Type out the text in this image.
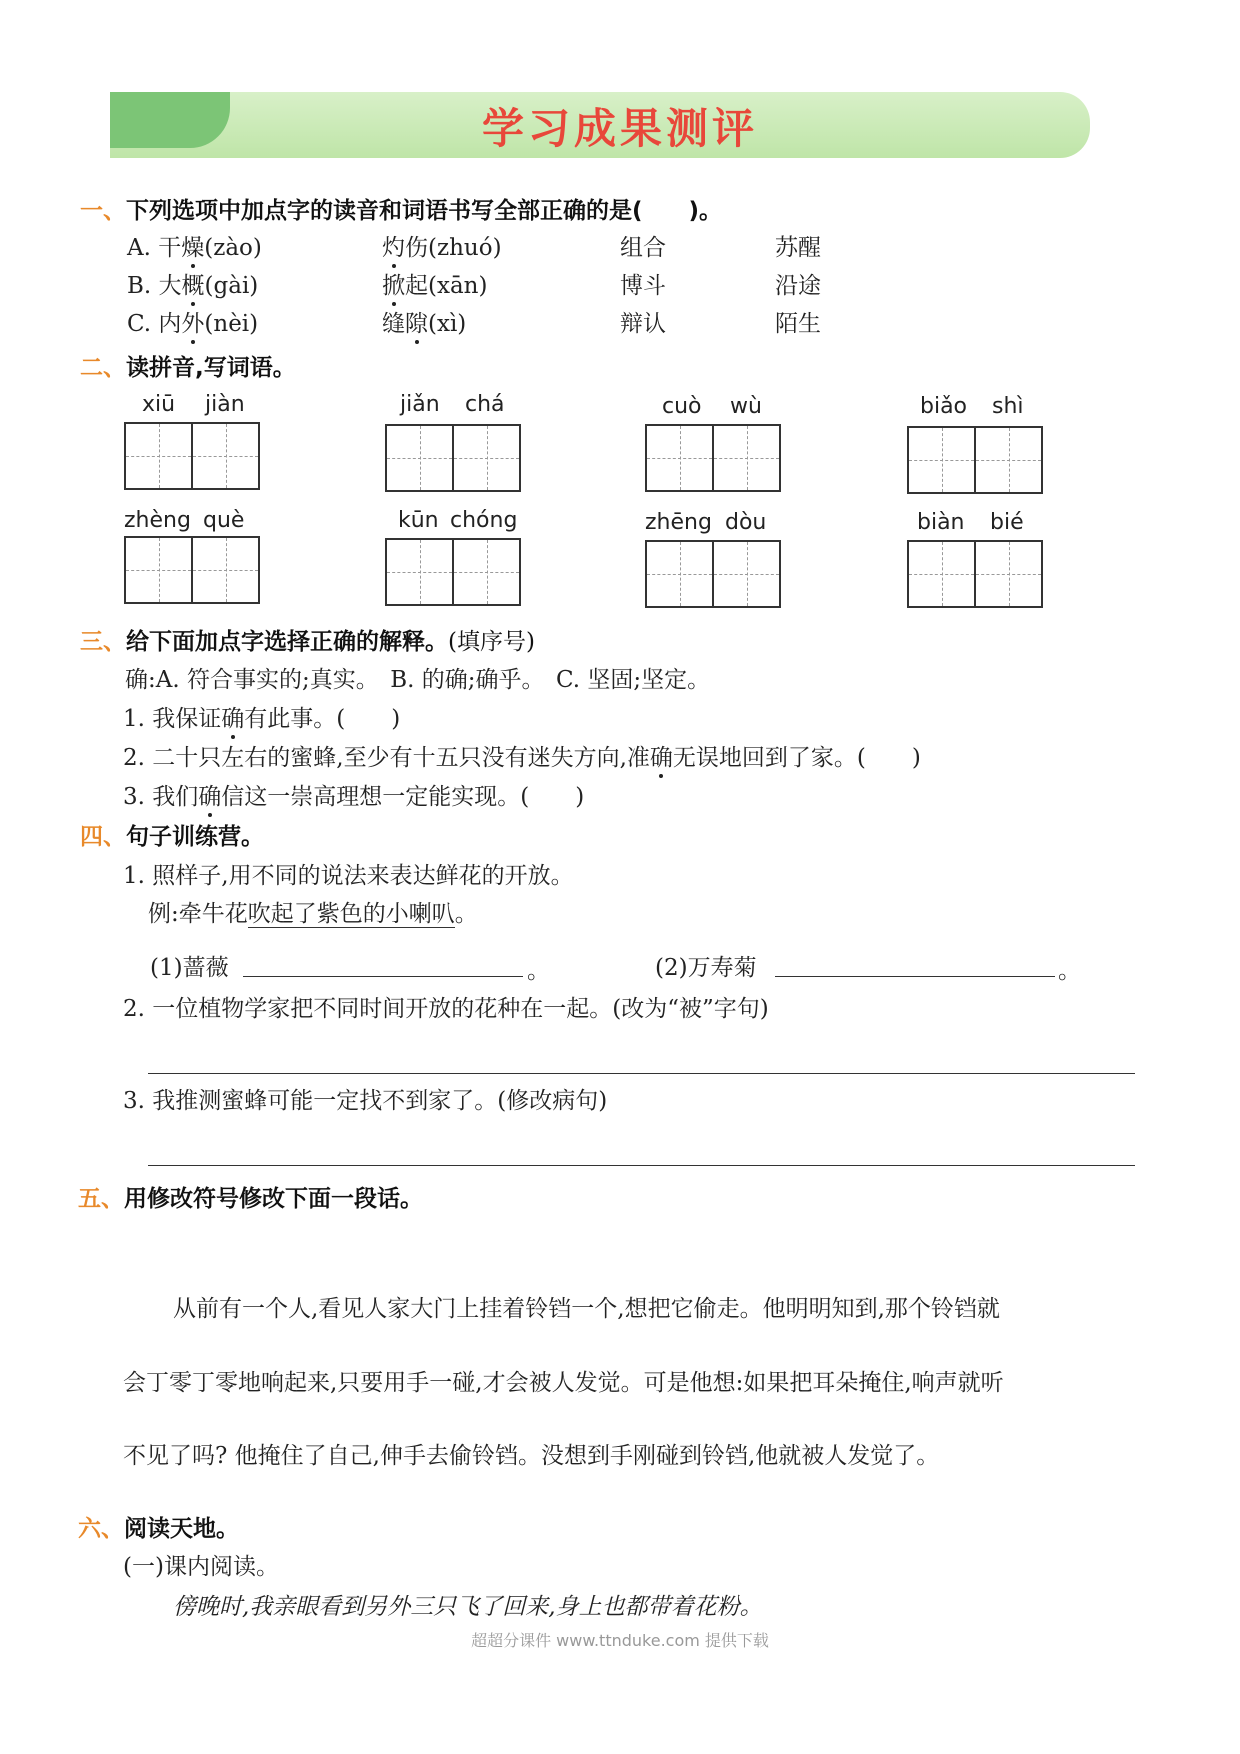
学习成果测评
一、下列选项中加点字的读音和词语书写全部正确的是(　　)。
A. 干燥(zào)	灼伤(zhuó)	组合	苏醒
B. 大概(gài)	掀起(xān)	博斗	沿途
C. 内外(nèi)	缝隙(xì)	辩认	陌生
二、读拼音,写词语。
xiū jiàn	jiǎn chá	cuò wù	biǎo shì
zhèng què	kūn chóng	zhēng dòu	biàn bié
三、给下面加点字选择正确的解释。(填序号)
确:A. 符合事实的;真实。　B. 的确;确乎。　C. 坚固;坚定。
1. 我保证确有此事。(　　)
2. 二十只左右的蜜蜂,至少有十五只没有迷失方向,准确无误地回到了家。(　　)
3. 我们确信这一崇高理想一定能实现。(　　)
四、句子训练营。
1. 照样子,用不同的说法来表达鲜花的开放。
例:牵牛花吹起了紫色的小喇叭。
(1)蔷薇	。	(2)万寿菊	。
2. 一位植物学家把不同时间开放的花种在一起。(改为“被”字句)
3. 我推测蜜蜂可能一定找不到家了。(修改病句)
五、用修改符号修改下面一段话。
从前有一个人,看见人家大门上挂着铃铛一个,想把它偷走。他明明知到,那个铃铛就
会丁零丁零地响起来,只要用手一碰,才会被人发觉。可是他想:如果把耳朵掩住,响声就听
不见了吗? 他掩住了自己,伸手去偷铃铛。没想到手刚碰到铃铛,他就被人发觉了。
六、阅读天地。
(一)课内阅读。
傍晚时,我亲眼看到另外三只飞了回来,身上也都带着花粉。
超超分课件 www.ttnduke.com 提供下载
